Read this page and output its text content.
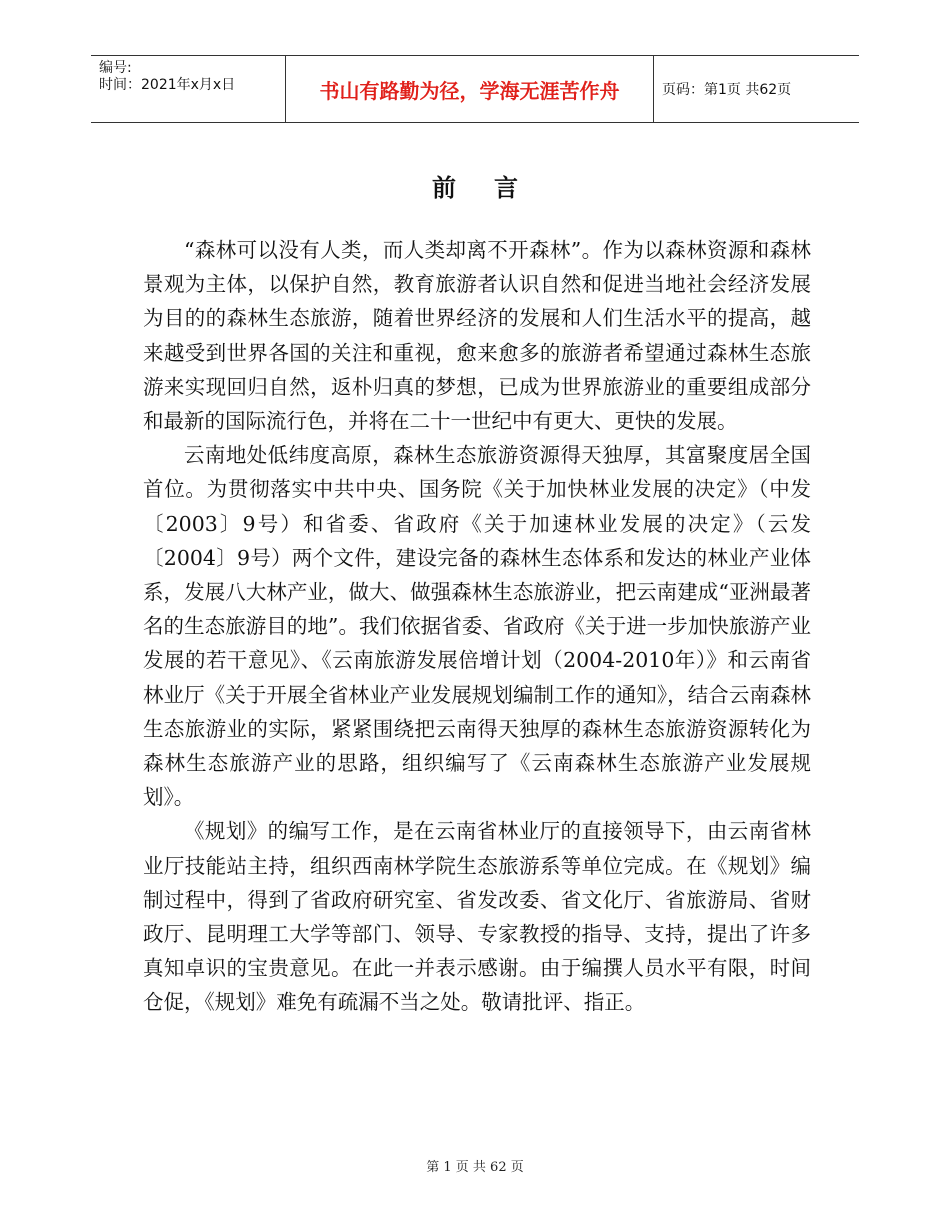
编号:
时间：2021年x月x日	书山有路勤为径，学海无涯苦作舟	页码：第1页 共62页
前言

“森林可以没有人类，而人类却离不开森林”。作为以森林资源和森林景观为主体，以保护自然，教育旅游者认识自然和促进当地社会经济发展为目的的森林生态旅游，随着世界经济的发展和人们生活水平的提高，越来越受到世界各国的关注和重视，愈来愈多的旅游者希望通过森林生态旅游来实现回归自然，返朴归真的梦想，已成为世界旅游业的重要组成部分和最新的国际流行色，并将在二十一世纪中有更大、更快的发展。

云南地处低纬度高原，森林生态旅游资源得天独厚，其富聚度居全国首位。为贯彻落实中共中央、国务院《关于加快林业发展的决定》（中发〔2003〕9号）和省委、省政府《关于加速林业发展的决定》（云发〔2004〕9号）两个文件，建设完备的森林生态体系和发达的林业产业体系，发展八大林产业，做大、做强森林生态旅游业，把云南建成“亚洲最著名的生态旅游目的地”。我们依据省委、省政府《关于进一步加快旅游产业发展的若干意见》、《云南旅游发展倍增计划（2004-2010年）》和云南省林业厅《关于开展全省林业产业发展规划编制工作的通知》，结合云南森林生态旅游业的实际，紧紧围绕把云南得天独厚的森林生态旅游资源转化为森林生态旅游产业的思路，组织编写了《云南森林生态旅游产业发展规划》。

《规划》的编写工作，是在云南省林业厅的直接领导下，由云南省林业厅技能站主持，组织西南林学院生态旅游系等单位完成。在《规划》编制过程中，得到了省政府研究室、省发改委、省文化厅、省旅游局、省财政厅、昆明理工大学等部门、领导、专家教授的指导、支持，提出了许多真知卓识的宝贵意见。在此一并表示感谢。由于编撰人员水平有限，时间仓促，《规划》难免有疏漏不当之处。敬请批评、指正。

第 1 页 共 62 页
